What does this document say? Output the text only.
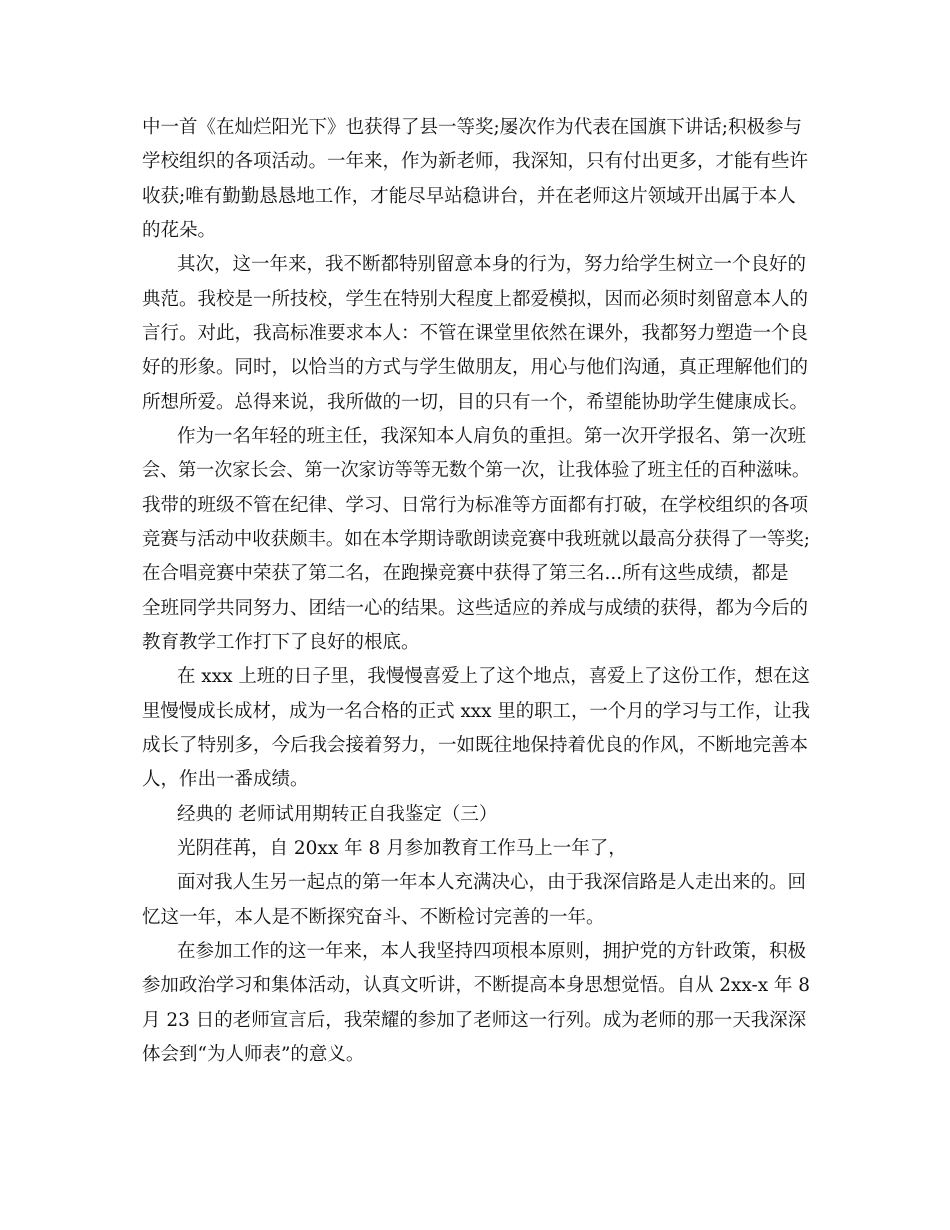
中一首《在灿烂阳光下》也获得了县一等奖;屡次作为代表在国旗下讲话;积极参与
学校组织的各项活动。一年来，作为新老师，我深知，只有付出更多，才能有些许
收获;唯有勤勤恳恳地工作，才能尽早站稳讲台，并在老师这片领域开出属于本人
的花朵。
其次，这一年来，我不断都特别留意本身的行为，努力给学生树立一个良好的
典范。我校是一所技校，学生在特别大程度上都爱模拟，因而必须时刻留意本人的
言行。对此，我高标准要求本人：不管在课堂里依然在课外，我都努力塑造一个良
好的形象。同时，以恰当的方式与学生做朋友，用心与他们沟通，真正理解他们的
所想所爱。总得来说，我所做的一切，目的只有一个，希望能协助学生健康成长。
作为一名年轻的班主任，我深知本人肩负的重担。第一次开学报名、第一次班
会、第一次家长会、第一次家访等等无数个第一次，让我体验了班主任的百种滋味。
我带的班级不管在纪律、学习、日常行为标准等方面都有打破，在学校组织的各项
竞赛与活动中收获颇丰。如在本学期诗歌朗读竞赛中我班就以最高分获得了一等奖;
在合唱竞赛中荣获了第二名，在跑操竞赛中获得了第三名...所有这些成绩，都是
全班同学共同努力、团结一心的结果。这些适应的养成与成绩的获得，都为今后的
教育教学工作打下了良好的根底。
在 xxx 上班的日子里，我慢慢喜爱上了这个地点，喜爱上了这份工作，想在这
里慢慢成长成材，成为一名合格的正式 xxx 里的职工，一个月的学习与工作，让我
成长了特别多，今后我会接着努力，一如既往地保持着优良的作风，不断地完善本
人，作出一番成绩。
经典的 老师试用期转正自我鉴定（三）
光阴荏苒，自 20xx 年 8 月参加教育工作马上一年了，
面对我人生另一起点的第一年本人充满决心，由于我深信路是人走出来的。回
忆这一年，本人是不断探究奋斗、不断检讨完善的一年。
在参加工作的这一年来，本人我坚持四项根本原则，拥护党的方针政策，积极
参加政治学习和集体活动，认真文听讲，不断提高本身思想觉悟。自从 2xx-x 年 8
月 23 日的老师宣言后，我荣耀的参加了老师这一行列。成为老师的那一天我深深
体会到“为人师表”的意义。
